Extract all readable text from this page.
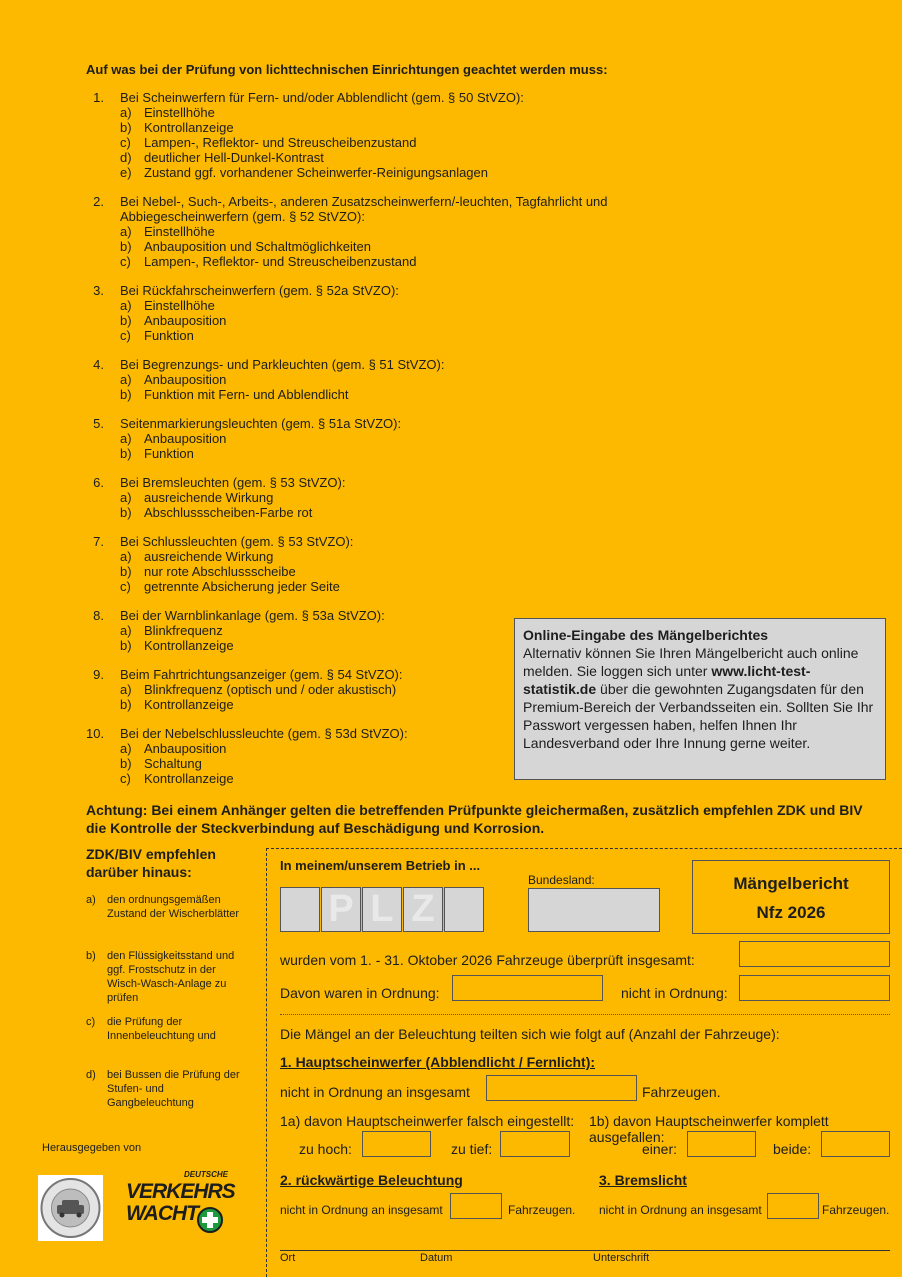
Auf was bei der Prüfung von lichttechnischen Einrichtungen geachtet werden muss:
1. Bei Scheinwerfern für Fern- und/oder Abblendlicht (gem. § 50 StVZO):
a) Einstellhöhe
b) Kontrollanzeige
c) Lampen-, Reflektor- und Streuscheibenzustand
d) deutlicher Hell-Dunkel-Kontrast
e) Zustand ggf. vorhandener Scheinwerfer-Reinigungsanlagen
2. Bei Nebel-, Such-, Arbeits-, anderen Zusatzscheinwerfern/-leuchten, Tagfahrlicht und Abbiegescheinwerfern (gem. § 52 StVZO):
a) Einstellhöhe
b) Anbauposition und Schaltmöglichkeiten
c) Lampen-, Reflektor- und Streuscheibenzustand
3. Bei Rückfahrscheinwerfern (gem. § 52a StVZO):
a) Einstellhöhe
b) Anbauposition
c) Funktion
4. Bei Begrenzungs- und Parkleuchten (gem. § 51 StVZO):
a) Anbauposition
b) Funktion mit Fern- und Abblendlicht
5. Seitenmarkierungsleuchten (gem. § 51a StVZO):
a) Anbauposition
b) Funktion
6. Bei Bremsleuchten (gem. § 53 StVZO):
a) ausreichende Wirkung
b) Abschlussscheiben-Farbe rot
7. Bei Schlussleuchten (gem. § 53 StVZO):
a) ausreichende Wirkung
b) nur rote Abschlussscheibe
c) getrennte Absicherung jeder Seite
8. Bei der Warnblinkanlage (gem. § 53a StVZO):
a) Blinkfrequenz
b) Kontrollanzeige
9. Beim Fahrtrichtungsanzeiger (gem. § 54 StVZO):
a) Blinkfrequenz (optisch und / oder akustisch)
b) Kontrollanzeige
10. Bei der Nebelschlussleuchte (gem. § 53d StVZO):
a) Anbauposition
b) Schaltung
c) Kontrollanzeige
Online-Eingabe des Mängelberichtes
Alternativ können Sie Ihren Mängelbericht auch online melden. Sie loggen sich unter www.licht-test-statistik.de über die gewohnten Zugangsdaten für den Premium-Bereich der Verbandsseiten ein. Sollten Sie Ihr Passwort vergessen haben, helfen Ihnen Ihr Landesverband oder Ihre Innung gerne weiter.
Achtung: Bei einem Anhänger gelten die betreffenden Prüfpunkte gleichermaßen, zusätzlich empfehlen ZDK und BIV die Kontrolle der Steckverbindung auf Beschädigung und Korrosion.
ZDK/BIV empfehlen darüber hinaus:
a)	den ordnungsgemäßen Zustand der Wischerblätter
b)	den Flüssigkeitsstand und ggf. Frostschutz in der Wisch-Wasch-Anlage zu prüfen
c)	die Prüfung der Innenbeleuchtung und
d)	bei Bussen die Prüfung der Stufen- und Gangbeleuchtung
Herausgegeben von
DEUTSCHE
VERKEHRS
WACHT
In meinem/unserem Betrieb in ...
P L Z
Bundesland:	Mängelbericht
Nfz 2026
wurden vom 1. - 31. Oktober 2026 Fahrzeuge überprüft insgesamt:
Davon waren in Ordnung:	nicht in Ordnung:
Die Mängel an der Beleuchtung teilten sich wie folgt auf (Anzahl der Fahrzeuge):
1. Hauptscheinwerfer (Abblendlicht / Fernlicht):
nicht in Ordnung an insgesamt	Fahrzeugen.
1a) davon Hauptscheinwerfer falsch eingestellt: 1b) davon Hauptscheinwerfer komplett ausgefallen:
zu hoch:	zu tief:	einer:	beide:
2. rückwärtige Beleuchtung	3. Bremslicht
nicht in Ordnung an insgesamt	Fahrzeugen. nicht in Ordnung an insgesamt	Fahrzeugen.
Ort	Datum	Unterschrift
